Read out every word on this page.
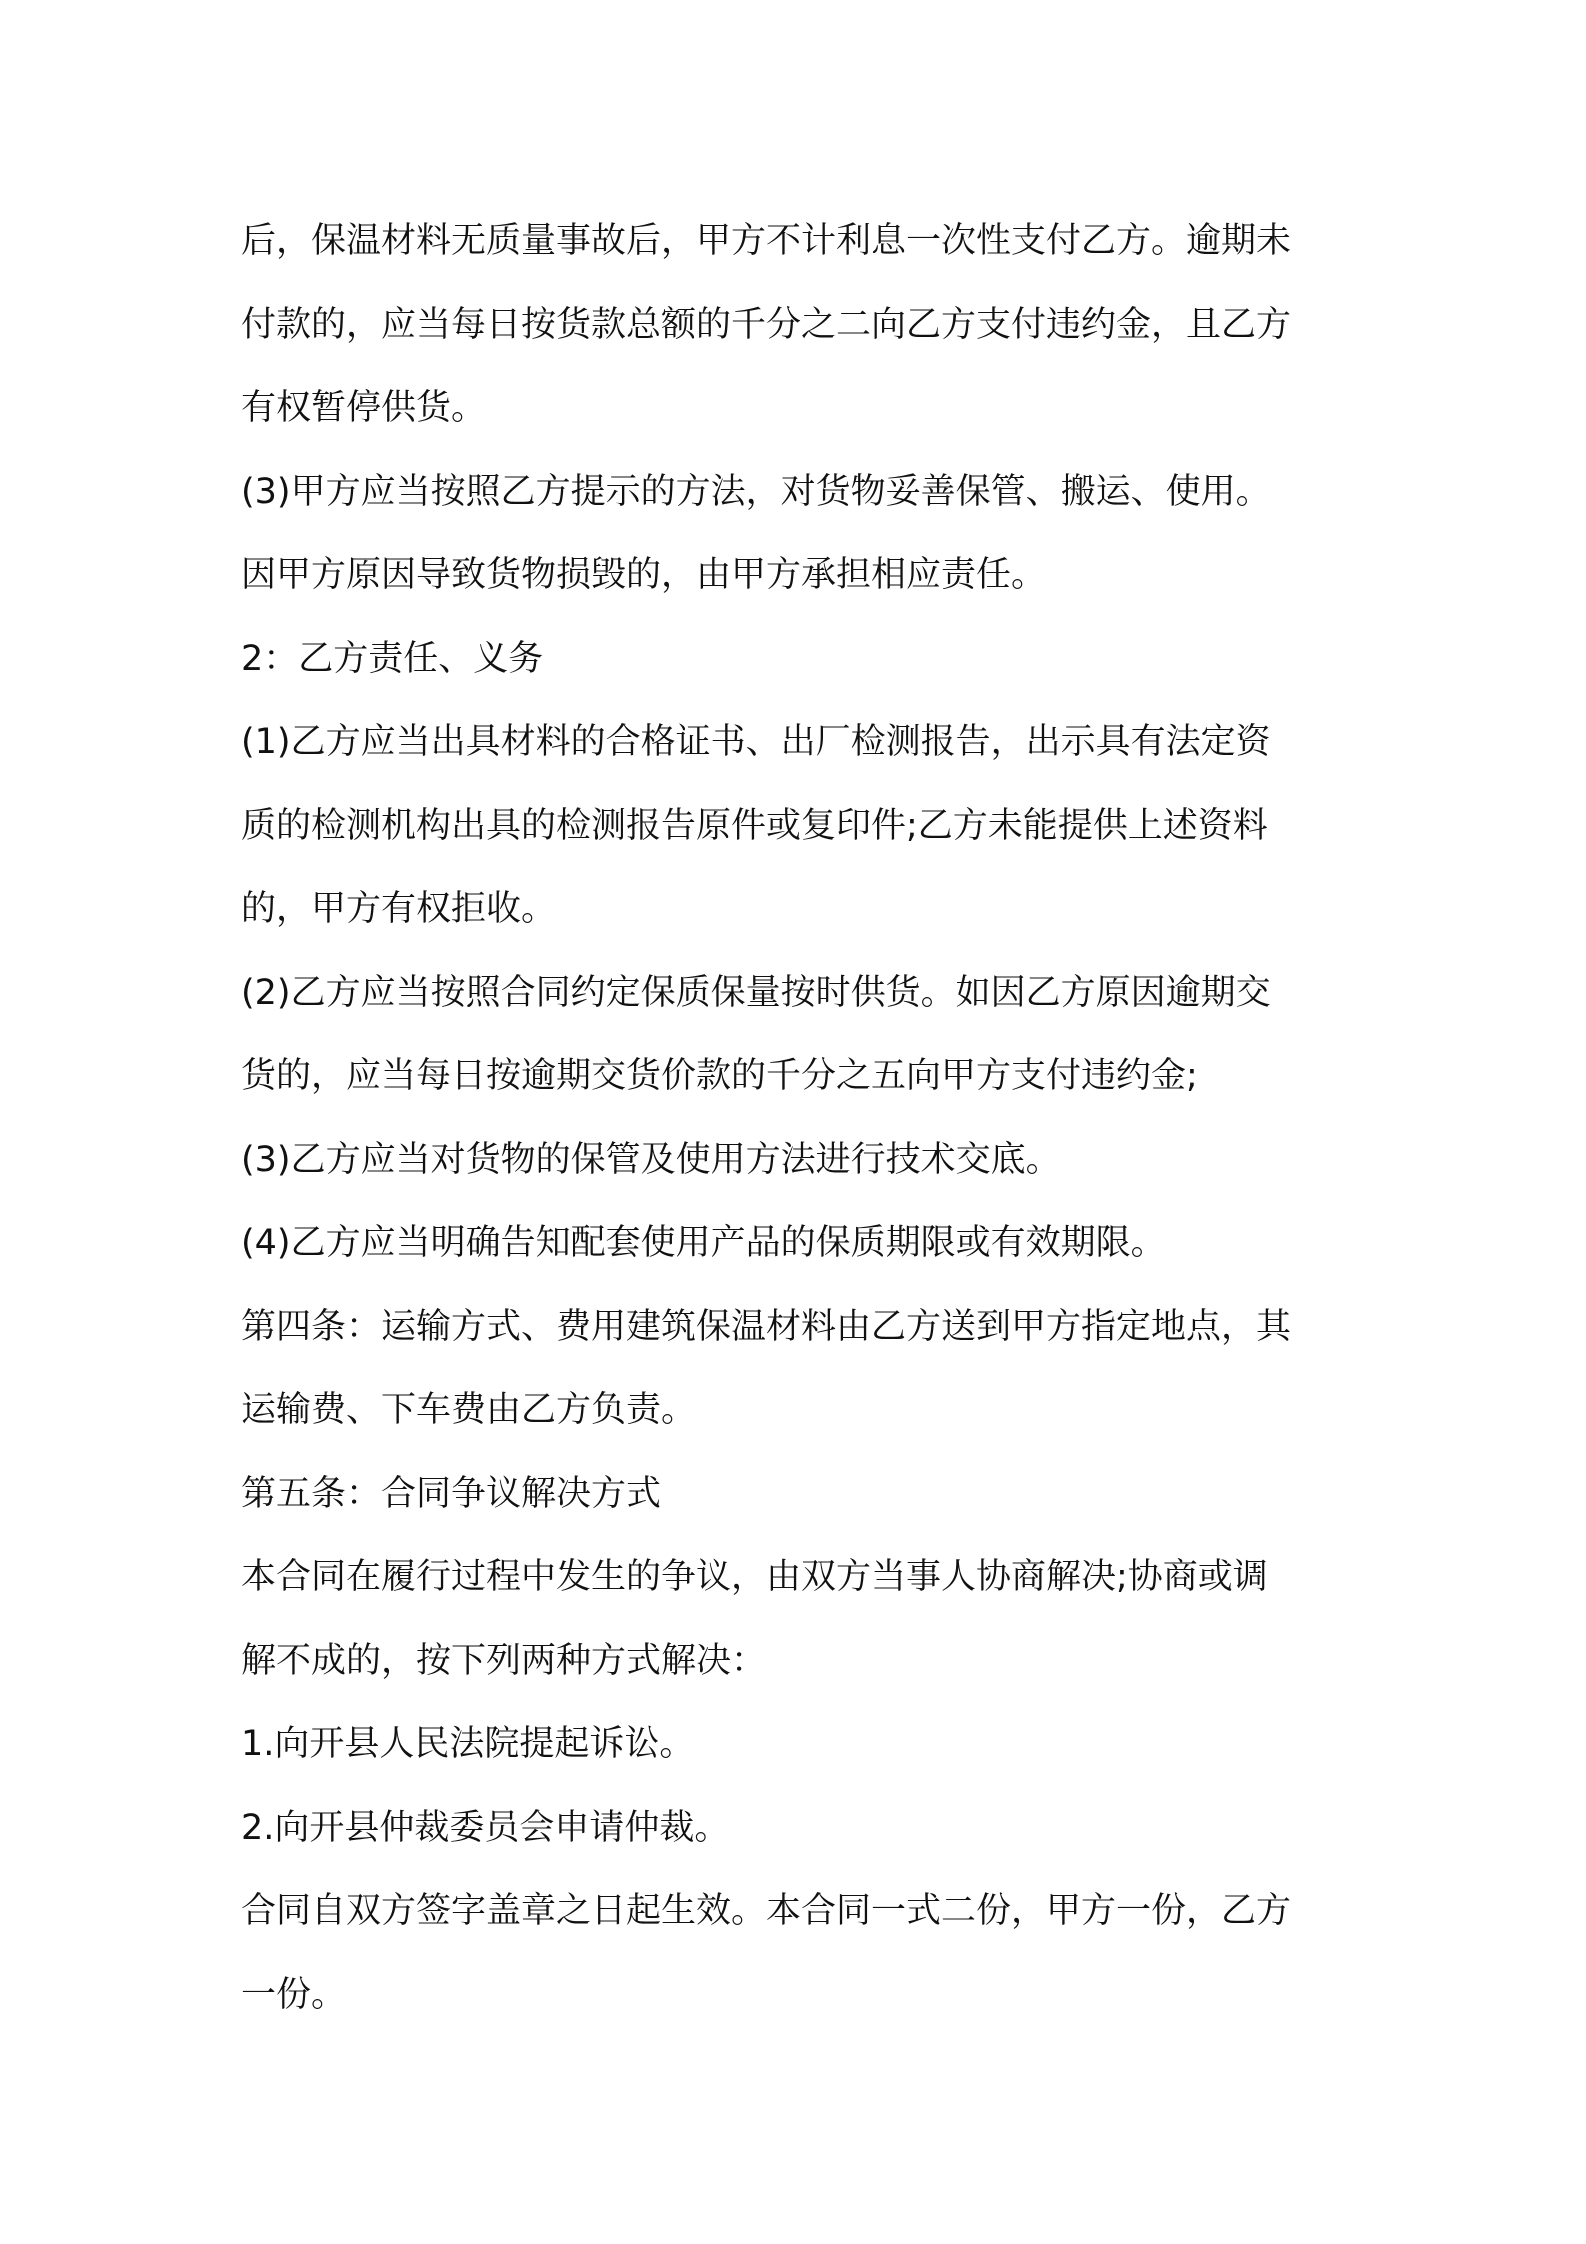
后，保温材料无质量事故后，甲方不计利息一次性支付乙方。逾期未
付款的，应当每日按货款总额的千分之二向乙方支付违约金，且乙方
有权暂停供货。
(3)甲方应当按照乙方提示的方法，对货物妥善保管、搬运、使用。
因甲方原因导致货物损毁的，由甲方承担相应责任。
2：乙方责任、义务
(1)乙方应当出具材料的合格证书、出厂检测报告，出示具有法定资
质的检测机构出具的检测报告原件或复印件;乙方未能提供上述资料
的，甲方有权拒收。
(2)乙方应当按照合同约定保质保量按时供货。如因乙方原因逾期交
货的，应当每日按逾期交货价款的千分之五向甲方支付违约金;
(3)乙方应当对货物的保管及使用方法进行技术交底。
(4)乙方应当明确告知配套使用产品的保质期限或有效期限。
第四条：运输方式、费用建筑保温材料由乙方送到甲方指定地点，其
运输费、下车费由乙方负责。
第五条：合同争议解决方式
本合同在履行过程中发生的争议，由双方当事人协商解决;协商或调
解不成的，按下列两种方式解决：
1.向开县人民法院提起诉讼。
2.向开县仲裁委员会申请仲裁。
合同自双方签字盖章之日起生效。本合同一式二份，甲方一份，乙方
一份。
